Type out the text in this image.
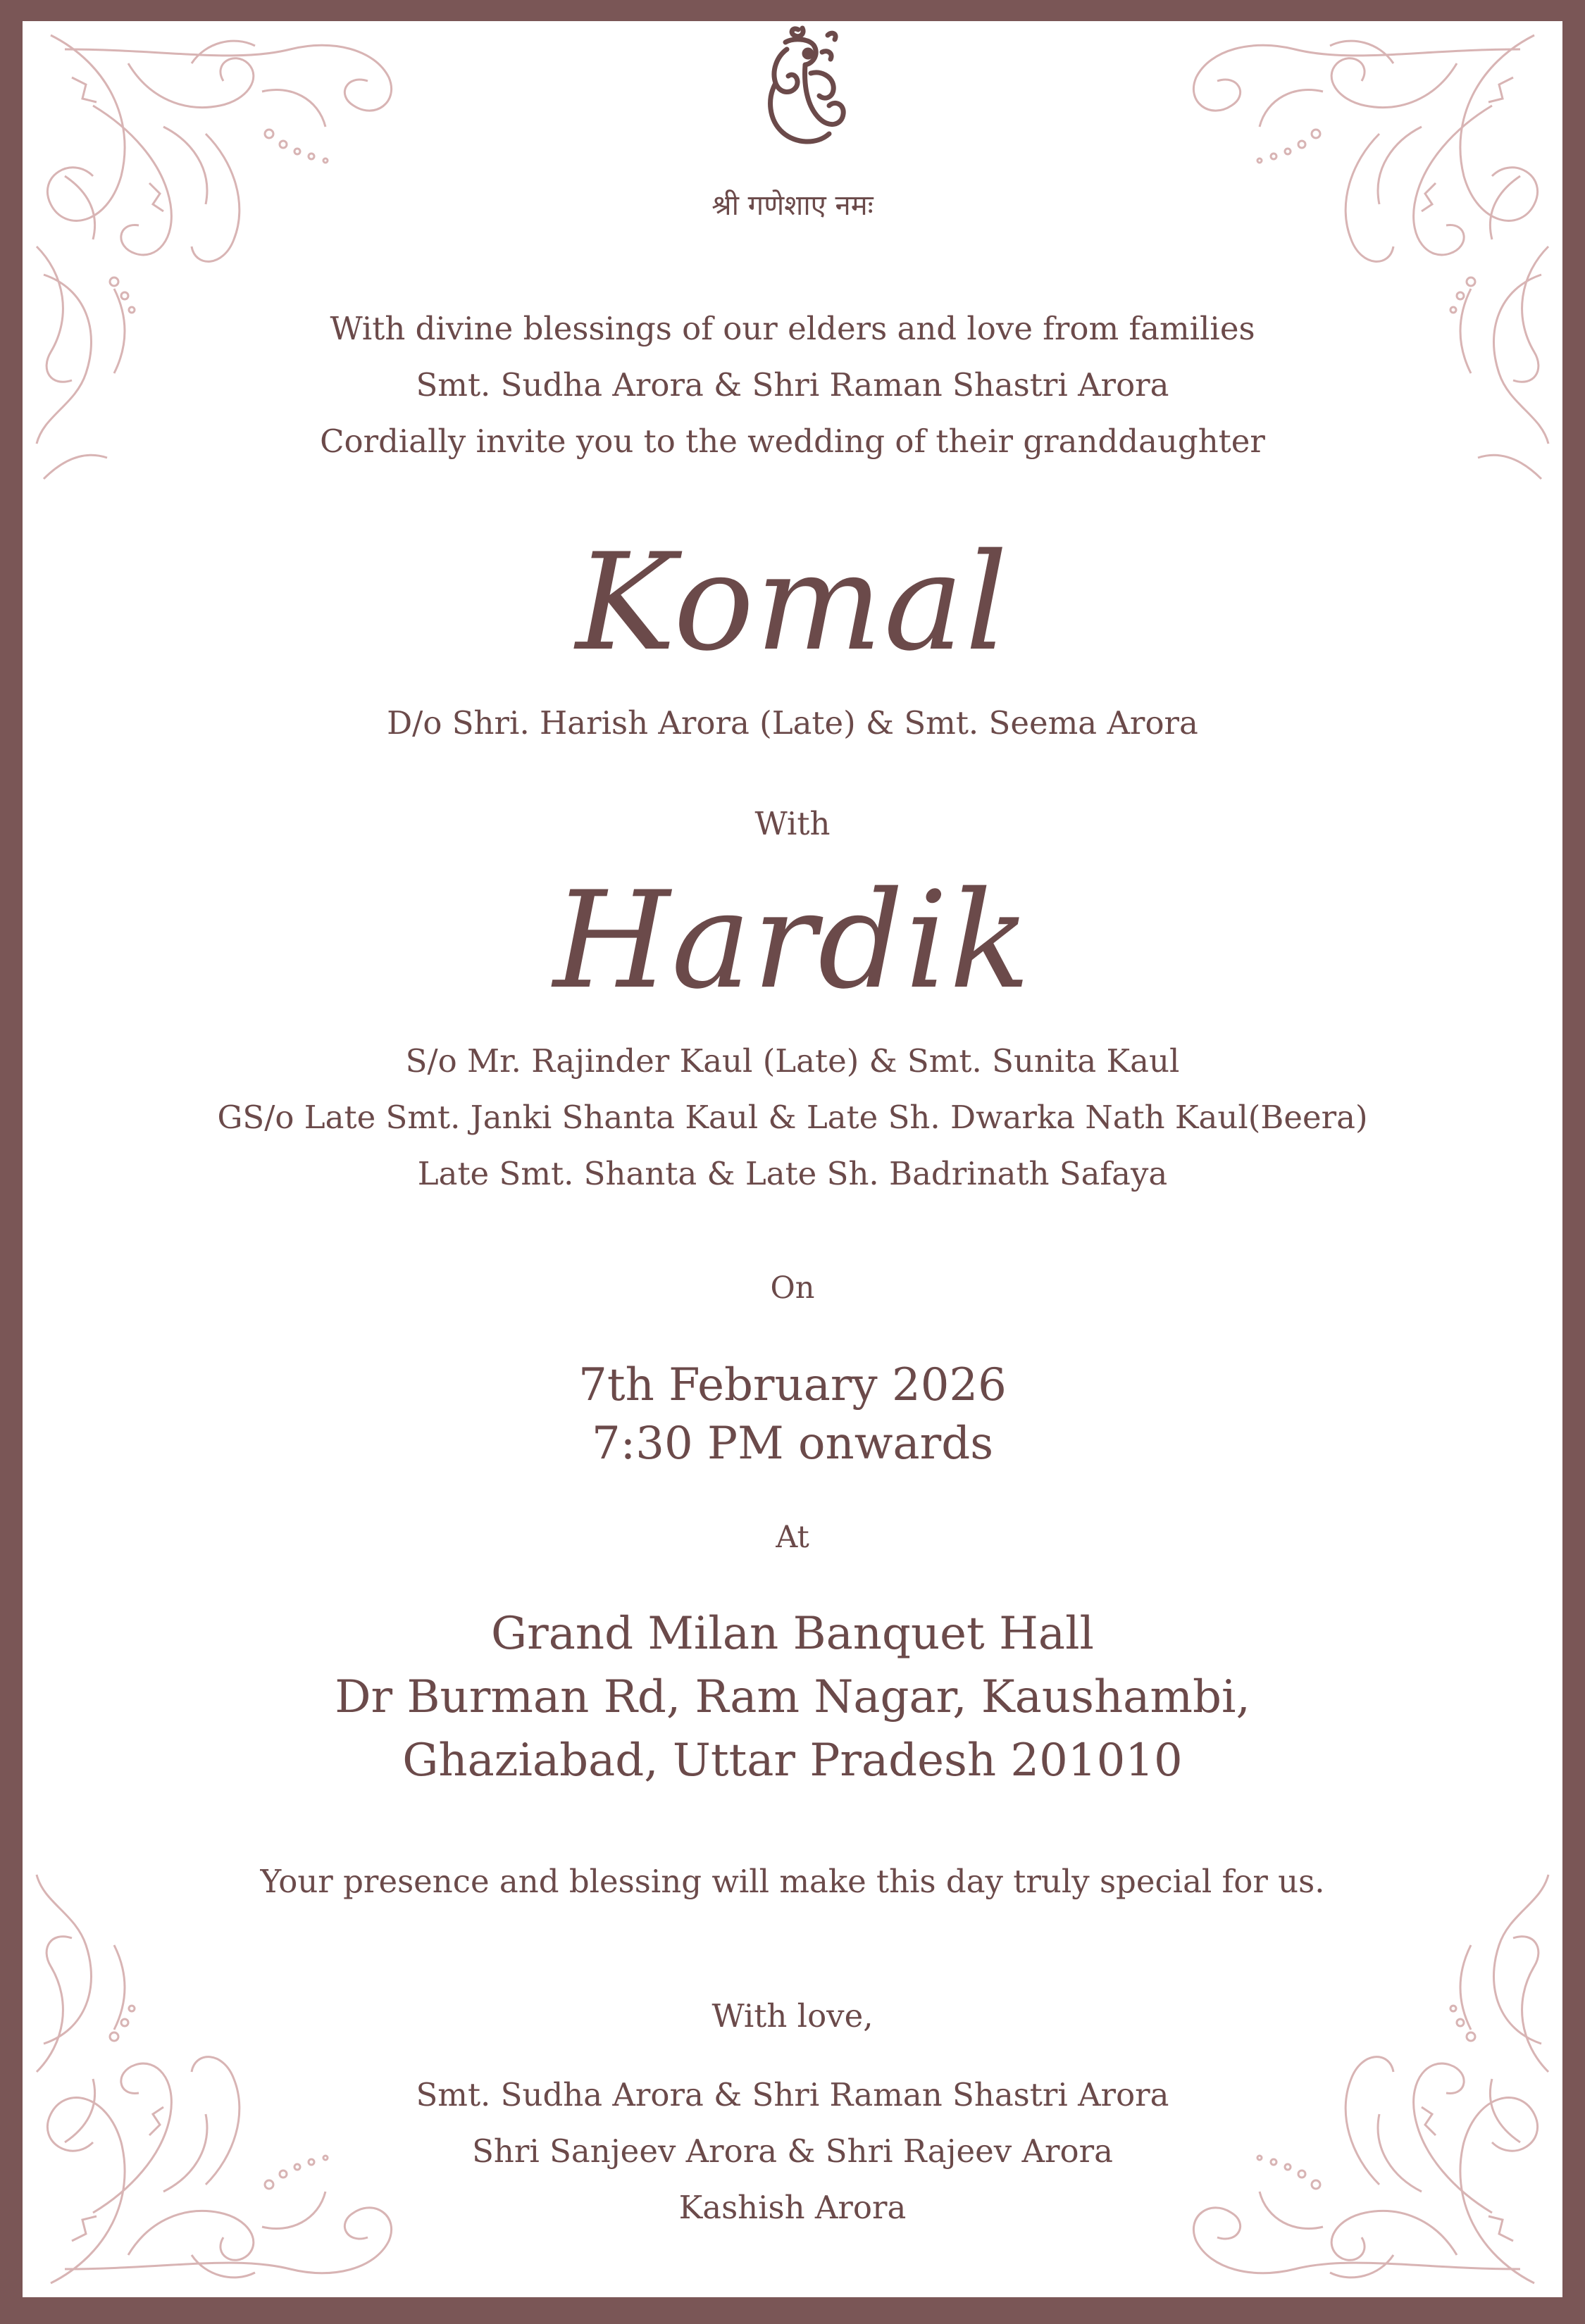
श्री गणेशाए नमः
With divine blessings of our elders and love from families
Smt. Sudha Arora & Shri Raman Shastri Arora
Cordially invite you to the wedding of their granddaughter
Komal
D/o Shri. Harish Arora (Late) & Smt. Seema Arora
With
Hardik
S/o Mr. Rajinder Kaul (Late) & Smt. Sunita Kaul
GS/o Late Smt. Janki Shanta Kaul & Late Sh. Dwarka Nath Kaul(Beera)
Late Smt. Shanta & Late Sh. Badrinath Safaya
On
7th February 2026
7:30 PM onwards
At
Grand Milan Banquet Hall
Dr Burman Rd, Ram Nagar, Kaushambi,
Ghaziabad, Uttar Pradesh 201010
Your presence and blessing will make this day truly special for us.
With love,
Smt. Sudha Arora & Shri Raman Shastri Arora
Shri Sanjeev Arora & Shri Rajeev Arora
Kashish Arora
